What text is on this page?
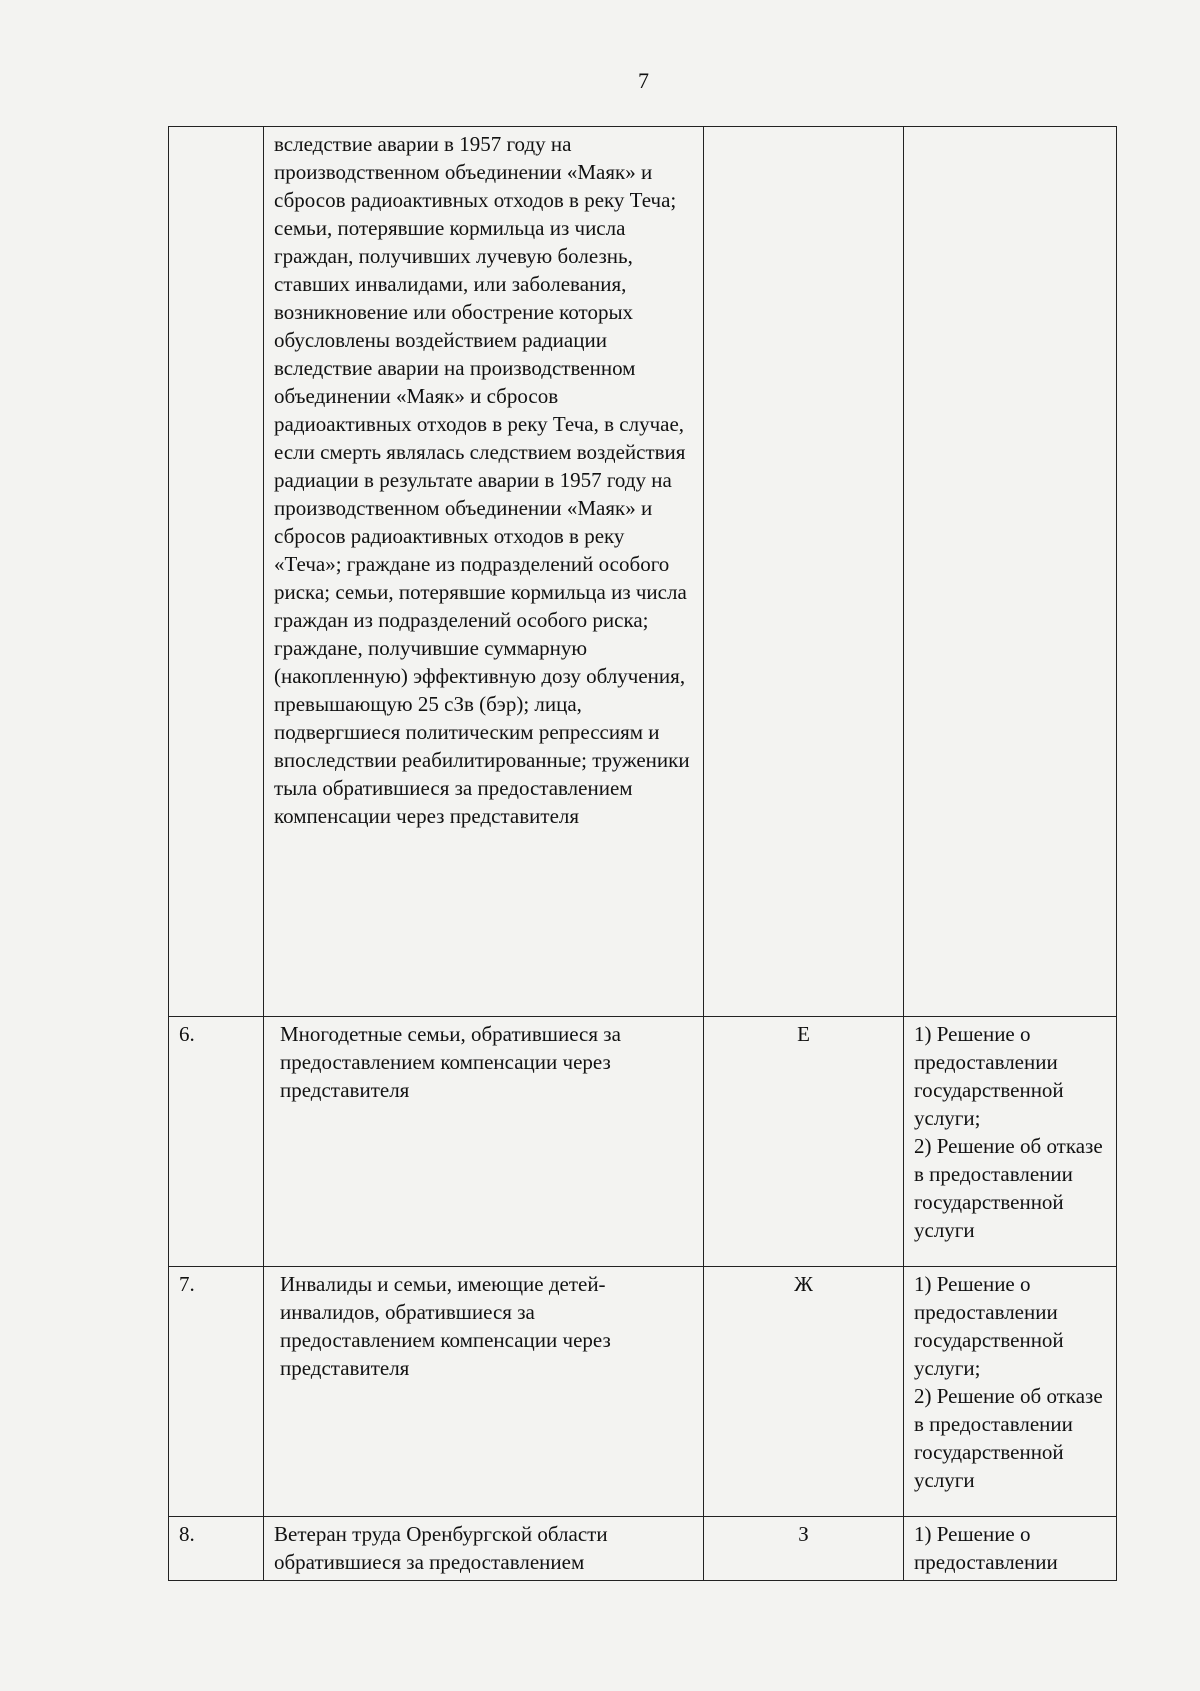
7
	вследствие аварии в 1957 году на производственном объединении «Маяк» и сбросов радиоактивных отходов в реку Теча; семьи, потерявшие кормильца из числа граждан, получивших лучевую болезнь, ставших инвалидами, или заболевания, возникновение или обострение которых обусловлены воздействием радиации вследствие аварии на производственном объединении «Маяк» и сбросов радиоактивных отходов в реку Теча, в случае, если смерть являлась следствием воздействия радиации в результате аварии в 1957 году на производственном объединении «Маяк» и сбросов радиоактивных отходов в реку «Теча»; граждане из подразделений особого риска; семьи, потерявшие кормильца из числа граждан из подразделений особого риска; граждане, получившие суммарную (накопленную) эффективную дозу облучения, превышающую 25 сЗв (бэр); лица, подвергшиеся политическим репрессиям и впоследствии реабилитированные; труженики тыла обратившиеся за предоставлением компенсации через представителя		

6.	Многодетные семьи, обратившиеся за предоставлением компенсации через представителя	Е	1) Решение о предоставлении государственной услуги;
2) Решение об отказе в предоставлении государственной услуги

7.	Инвалиды и семьи, имеющие детей-инвалидов, обратившиеся за предоставлением компенсации через представителя	Ж	1) Решение о предоставлении государственной услуги;
2) Решение об отказе в предоставлении государственной услуги

8.	Ветеран труда Оренбургской области обратившиеся за предоставлением	З	1) Решение о предоставлении
